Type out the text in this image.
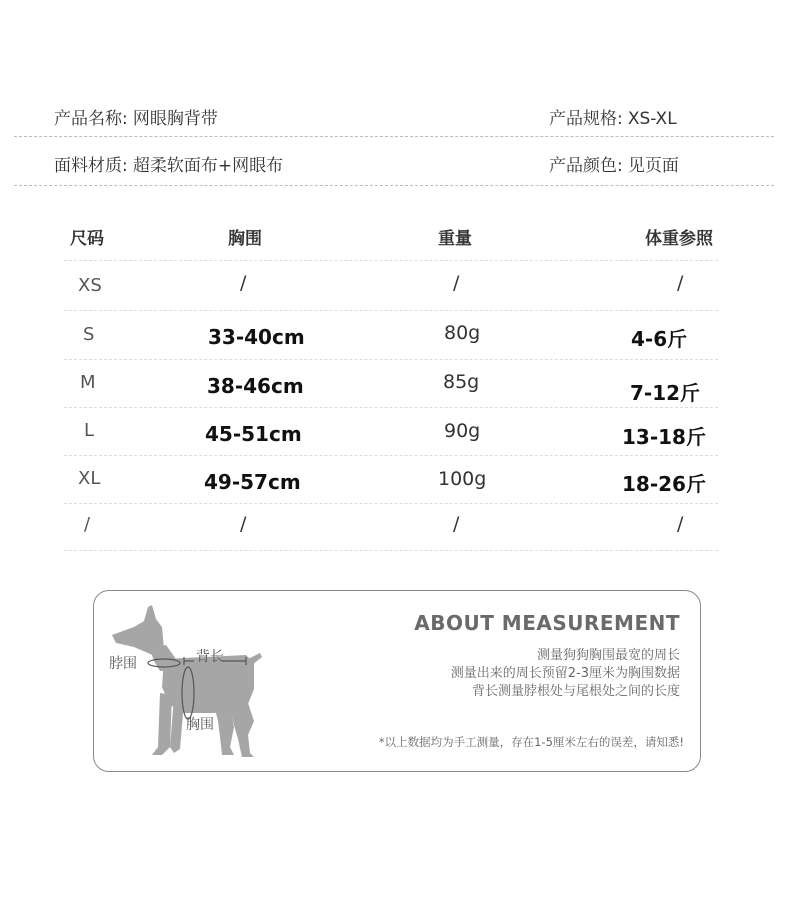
产品名称: 网眼胸背带	产品规格: XS-XL
面料材质: 超柔软面布+网眼布	产品颜色: 见页面
尺码	胸围	重量	体重参照
XS	/	/	/
S	33-40cm	80g	4-6斤
M	38-46cm	85g	7-12斤
L	45-51cm	90g	13-18斤
XL	49-57cm	100g	18-26斤
/	/	/	/
脖围	背长
胸围
ABOUT MEASUREMENT
测量狗狗胸围最宽的周长
测量出来的周长预留2-3厘米为胸围数据
背长测量脖根处与尾根处之间的长度
*以上数据均为手工测量，存在1-5厘米左右的误差，请知悉!
